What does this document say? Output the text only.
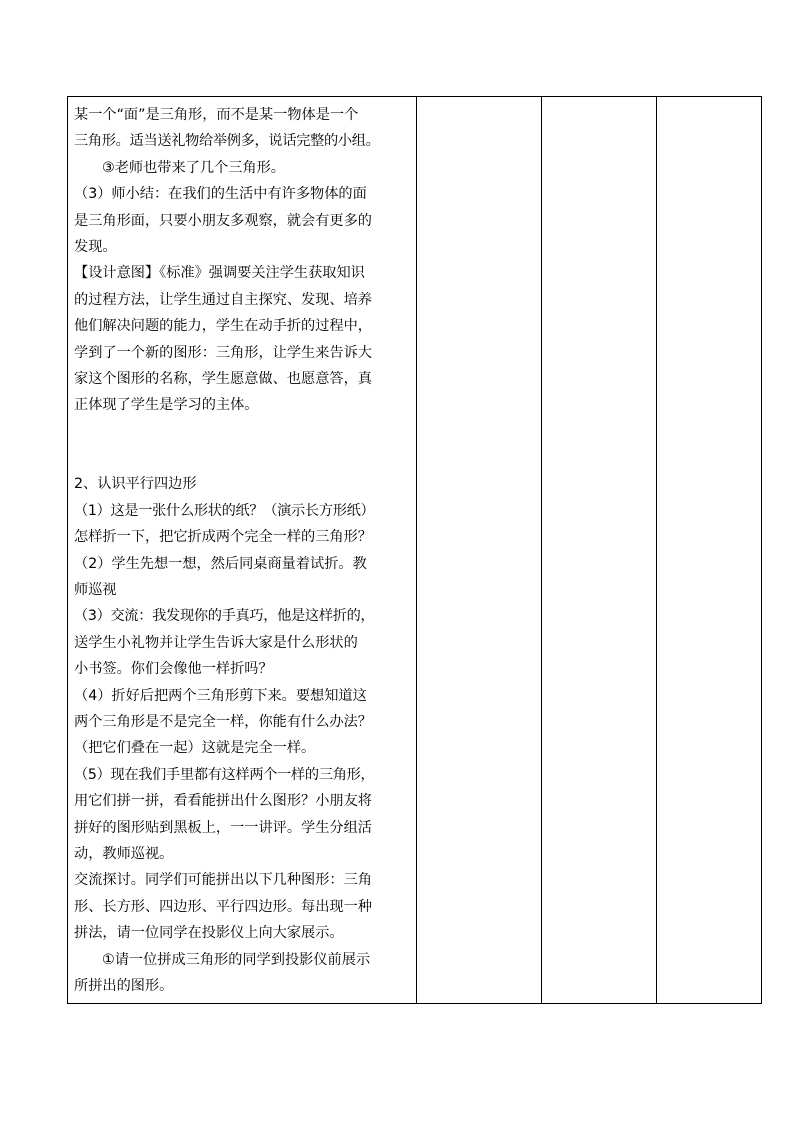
某一个“面”是三角形，而不是某一物体是一个
三角形。适当送礼物给举例多，说话完整的小组。
③老师也带来了几个三角形。
（3）师小结：在我们的生活中有许多物体的面
是三角形面，只要小朋友多观察，就会有更多的
发现。
【设计意图】《标准》强调要关注学生获取知识
的过程方法，让学生通过自主探究、发现、培养
他们解决问题的能力，学生在动手折的过程中，
学到了一个新的图形：三角形，让学生来告诉大
家这个图形的名称，学生愿意做、也愿意答，真
正体现了学生是学习的主体。
2、认识平行四边形
（1）这是一张什么形状的纸？（演示长方形纸）
怎样折一下，把它折成两个完全一样的三角形？
（2）学生先想一想，然后同桌商量着试折。教
师巡视
（3）交流：我发现你的手真巧，他是这样折的，
送学生小礼物并让学生告诉大家是什么形状的
小书签。你们会像他一样折吗？
（4）折好后把两个三角形剪下来。要想知道这
两个三角形是不是完全一样，你能有什么办法？
（把它们叠在一起）这就是完全一样。
（5）现在我们手里都有这样两个一样的三角形，
用它们拼一拼，看看能拼出什么图形？小朋友将
拼好的图形贴到黑板上，一一讲评。学生分组活
动，教师巡视。
交流探讨。同学们可能拼出以下几种图形：三角
形、长方形、四边形、平行四边形。每出现一种
拼法，请一位同学在投影仪上向大家展示。
①请一位拼成三角形的同学到投影仪前展示
所拼出的图形。
